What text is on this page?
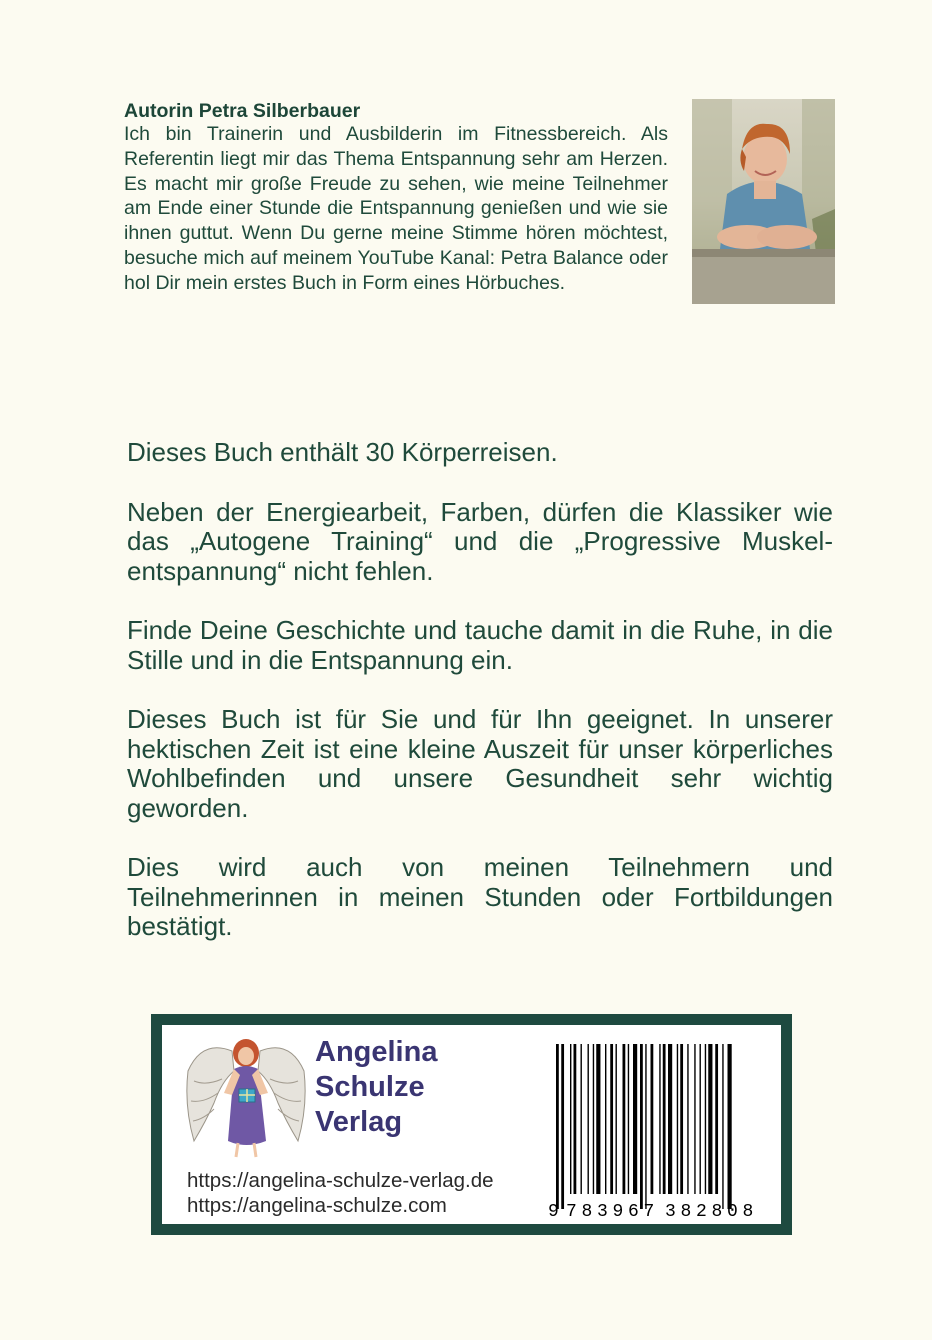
Autorin Petra Silberbauer

Ich bin Trainerin und Ausbilderin im Fitnessbereich. Als Referentin liegt mir das Thema Entspannung sehr am Herzen. Es macht mir große Freude zu sehen, wie meine Teilnehmer am Ende einer Stunde die Entspannung genießen und wie sie ihnen guttut. Wenn Du gerne meine Stimme hören möchtest, besuche mich auf meinem YouTube Kanal: Petra Balance oder hol Dir mein erstes Buch in Form eines Hörbuches.

Dieses Buch enthält 30 Körperreisen.

Neben der Energiearbeit, Farben, dürfen die Klassiker wie das „Autogene Training“ und die „Progressive Muskel-entspannung“ nicht fehlen.

Finde Deine Geschichte und tauche damit in die Ruhe, in die Stille und in die Entspannung ein.

Dieses Buch ist für Sie und für Ihn geeignet. In unserer hektischen Zeit ist eine kleine Auszeit für unser körperliches Wohlbefinden und unsere Gesundheit sehr wichtig geworden.

Dies wird auch von meinen Teilnehmern und Teilnehmerinnen in meinen Stunden oder Fortbildungen bestätigt.

Angelina
Schulze
Verlag
https://angelina-schulze-verlag.de
https://angelina-schulze.com	9 7 8 3 9 6 7 3 8 2 8 0 8
